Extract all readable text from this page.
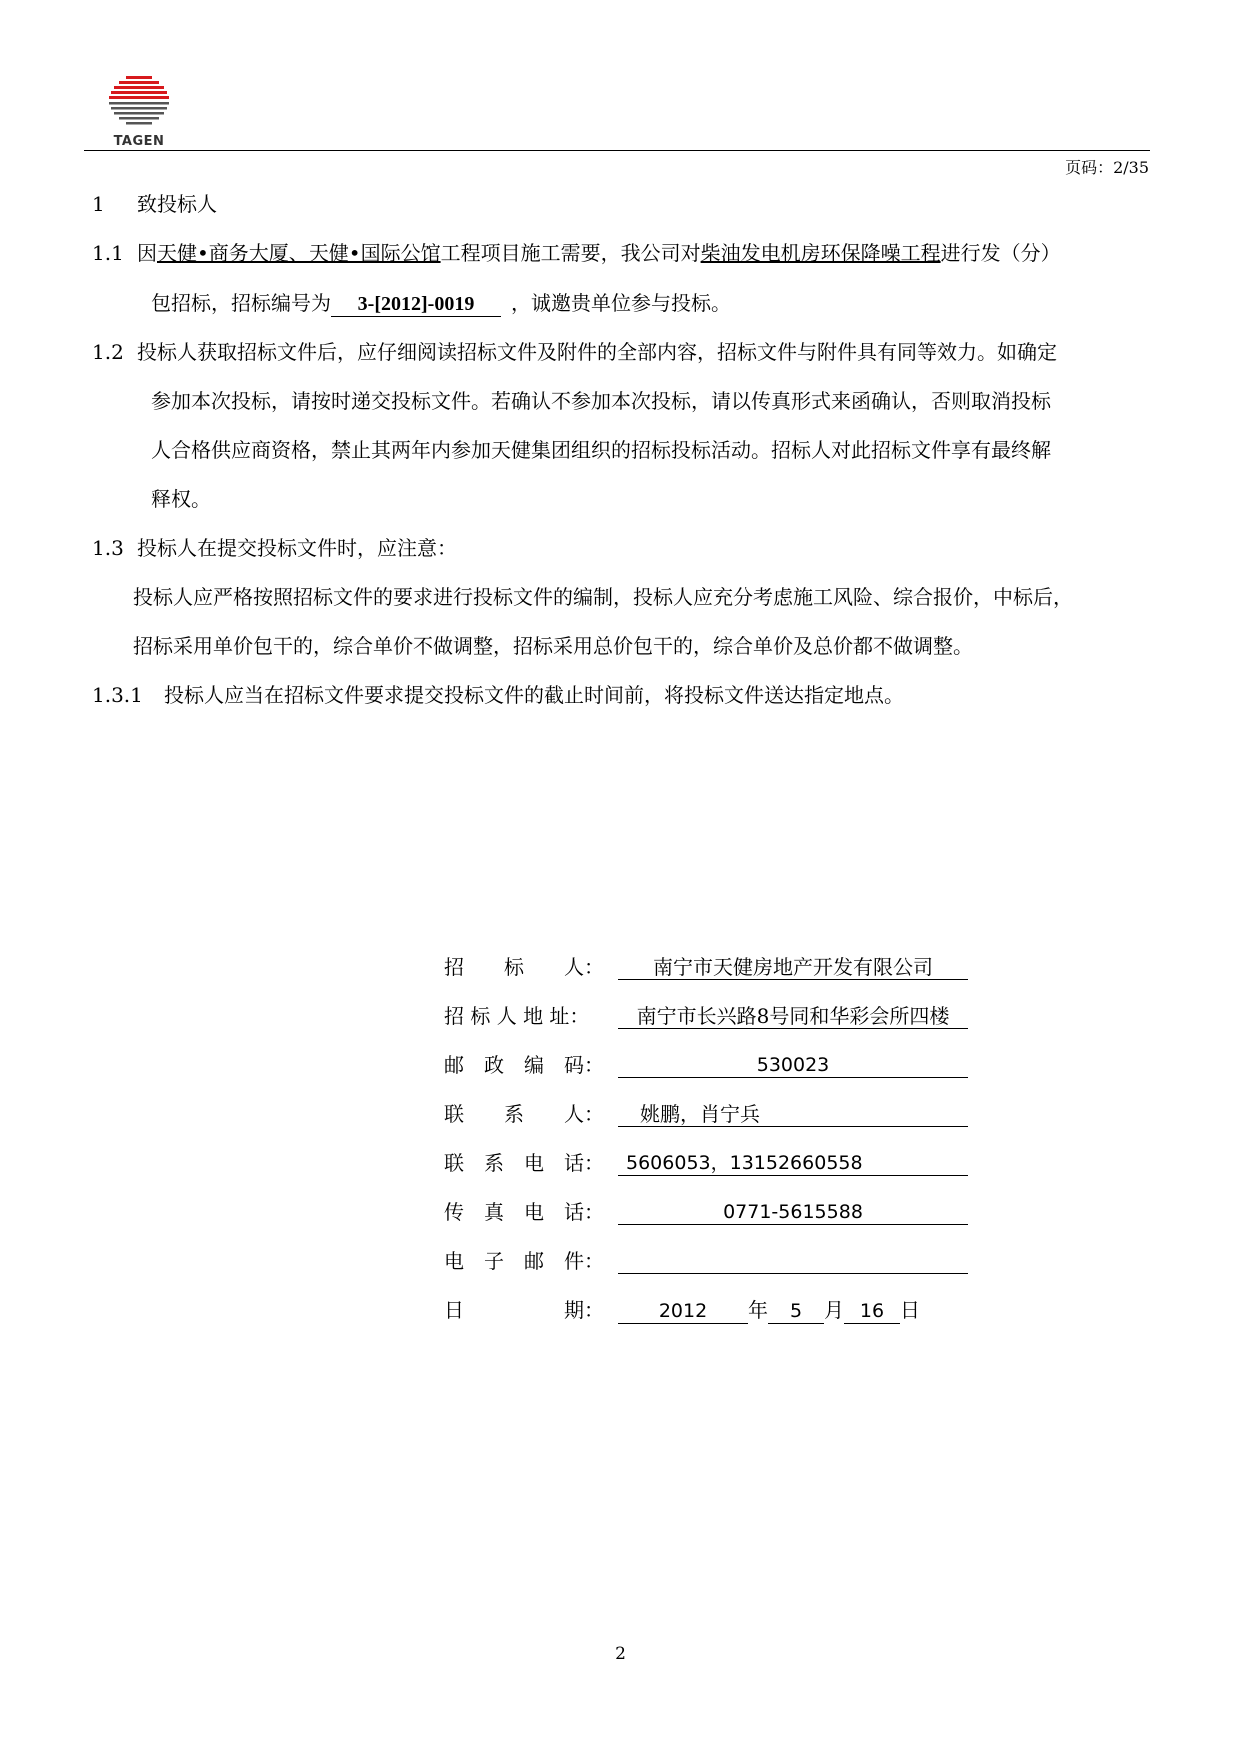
TAGEN
页码：2/35
1 致投标人
1.1 因天健•商务大厦、天健•国际公馆工程项目施工需要，我公司对柴油发电机房环保降噪工程进行发（分）
包招标，招标编号为 3-[2012]-0019 ，诚邀贵单位参与投标。
1.2 投标人获取招标文件后，应仔细阅读招标文件及附件的全部内容，招标文件与附件具有同等效力。如确定
参加本次投标，请按时递交投标文件。若确认不参加本次投标，请以传真形式来函确认，否则取消投标
人合格供应商资格，禁止其两年内参加天健集团组织的招标投标活动。招标人对此招标文件享有最终解
释权。
1.3 投标人在提交投标文件时，应注意：
投标人应严格按照招标文件的要求进行投标文件的编制，投标人应充分考虑施工风险、综合报价，中标后，
招标采用单价包干的，综合单价不做调整，招标采用总价包干的，综合单价及总价都不做调整。
1.3.1 投标人应当在招标文件要求提交投标文件的截止时间前，将投标文件送达指定地点。
招　　标　　人：	南宁市天健房地产开发有限公司
招 标 人 地 址：	南宁市长兴路8号同和华彩会所四楼
邮　政　编　码：	530023
联　　系　　人：	姚鹏，肖宁兵
联　系　电　话：	5606053，13152660558
传　真　电　话：	0771-5615588
电　子　邮　件：
日　　　　　期：	2012 年 5 月 16 日
2
